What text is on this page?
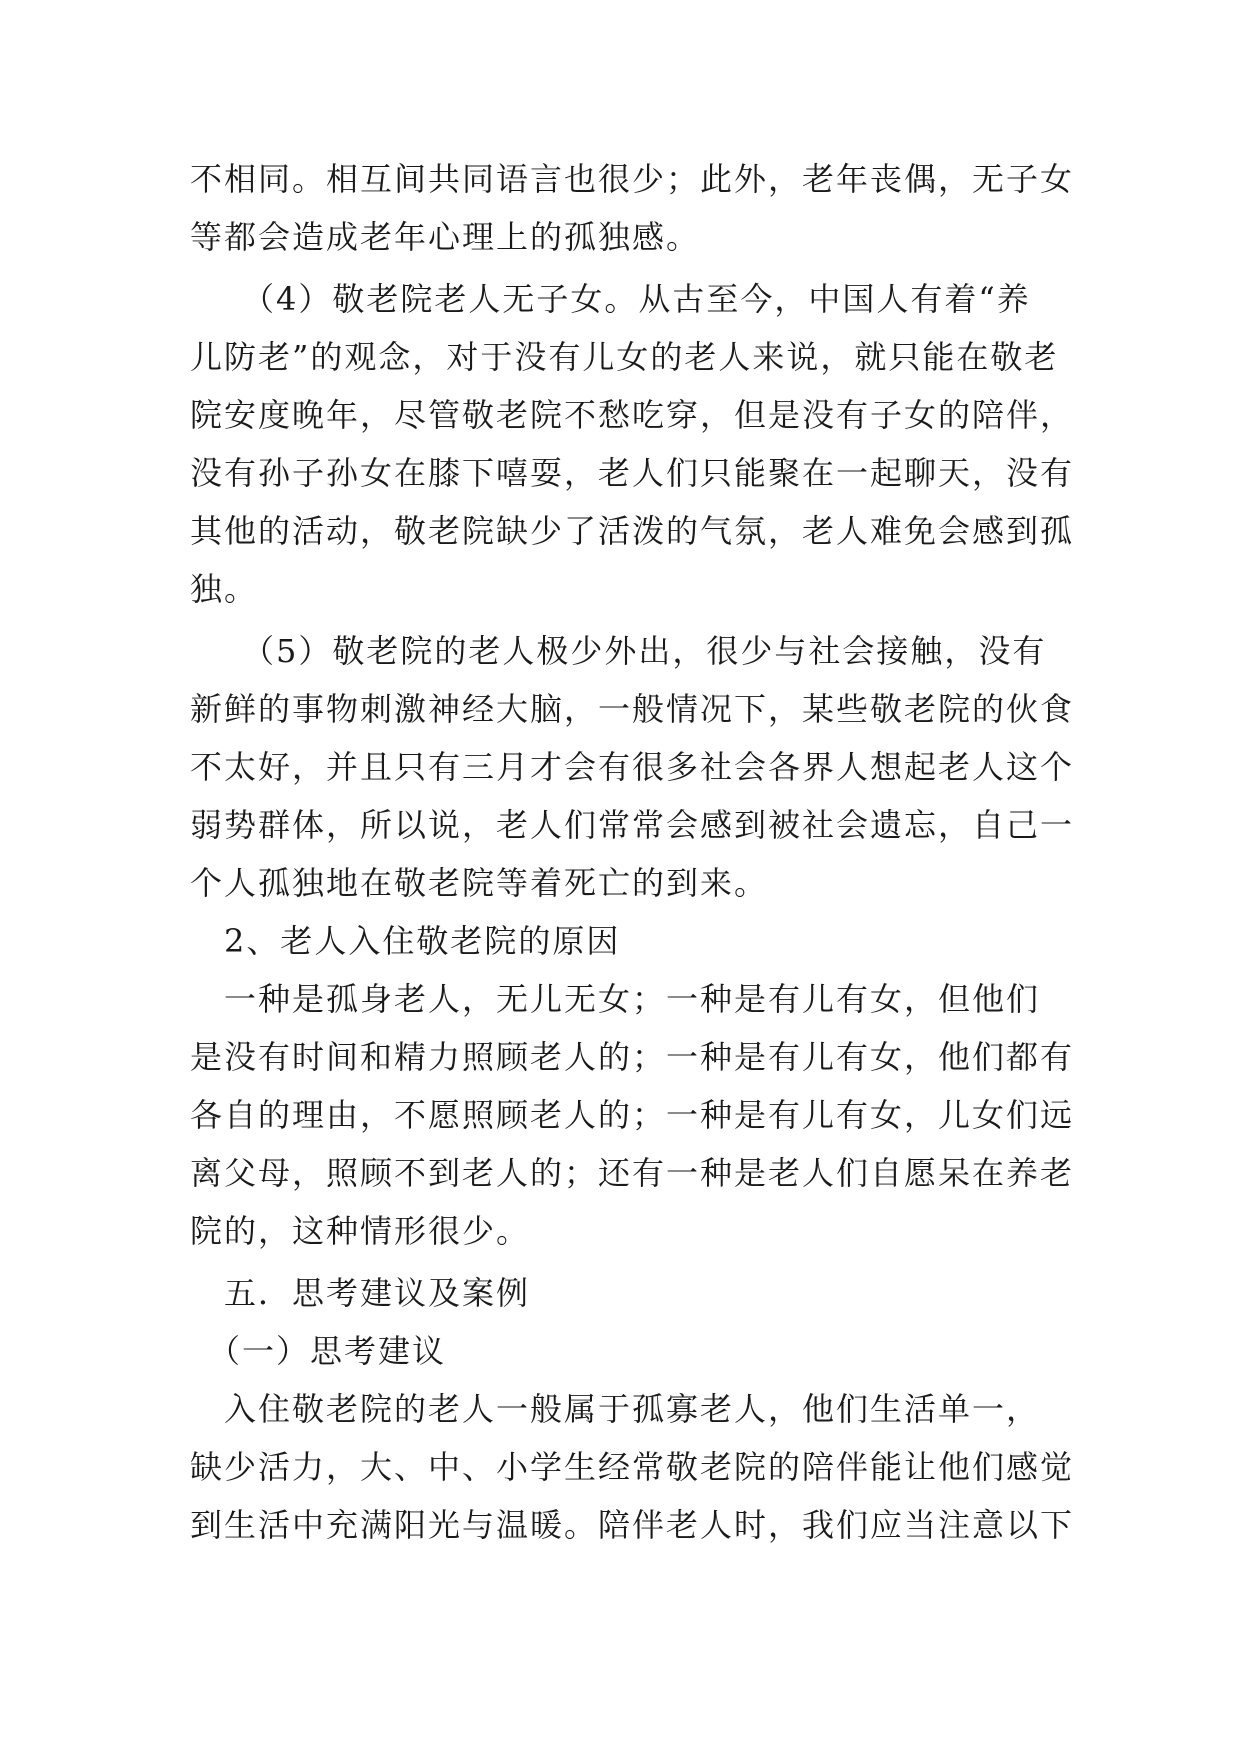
不相同。相互间共同语言也很少；此外，老年丧偶，无子女
等都会造成老年心理上的孤独感。
　　（4）敬老院老人无子女。从古至今，中国人有着“养
儿防老”的观念，对于没有儿女的老人来说，就只能在敬老
院安度晚年，尽管敬老院不愁吃穿，但是没有子女的陪伴，
没有孙子孙女在膝下嘻耍，老人们只能聚在一起聊天，没有
其他的活动，敬老院缺少了活泼的气氛，老人难免会感到孤
独。
　　（5）敬老院的老人极少外出，很少与社会接触，没有
新鲜的事物刺激神经大脑，一般情况下，某些敬老院的伙食
不太好，并且只有三月才会有很多社会各界人想起老人这个
弱势群体，所以说，老人们常常会感到被社会遗忘，自己一
个人孤独地在敬老院等着死亡的到来。
　2、老人入住敬老院的原因
　一种是孤身老人，无儿无女；一种是有儿有女，但他们
是没有时间和精力照顾老人的；一种是有儿有女，他们都有
各自的理由，不愿照顾老人的；一种是有儿有女，儿女们远
离父母，照顾不到老人的；还有一种是老人们自愿呆在养老
院的，这种情形很少。
　五．思考建议及案例
　（一）思考建议
　入住敬老院的老人一般属于孤寡老人，他们生活单一，
缺少活力，大、中、小学生经常敬老院的陪伴能让他们感觉
到生活中充满阳光与温暖。陪伴老人时，我们应当注意以下
